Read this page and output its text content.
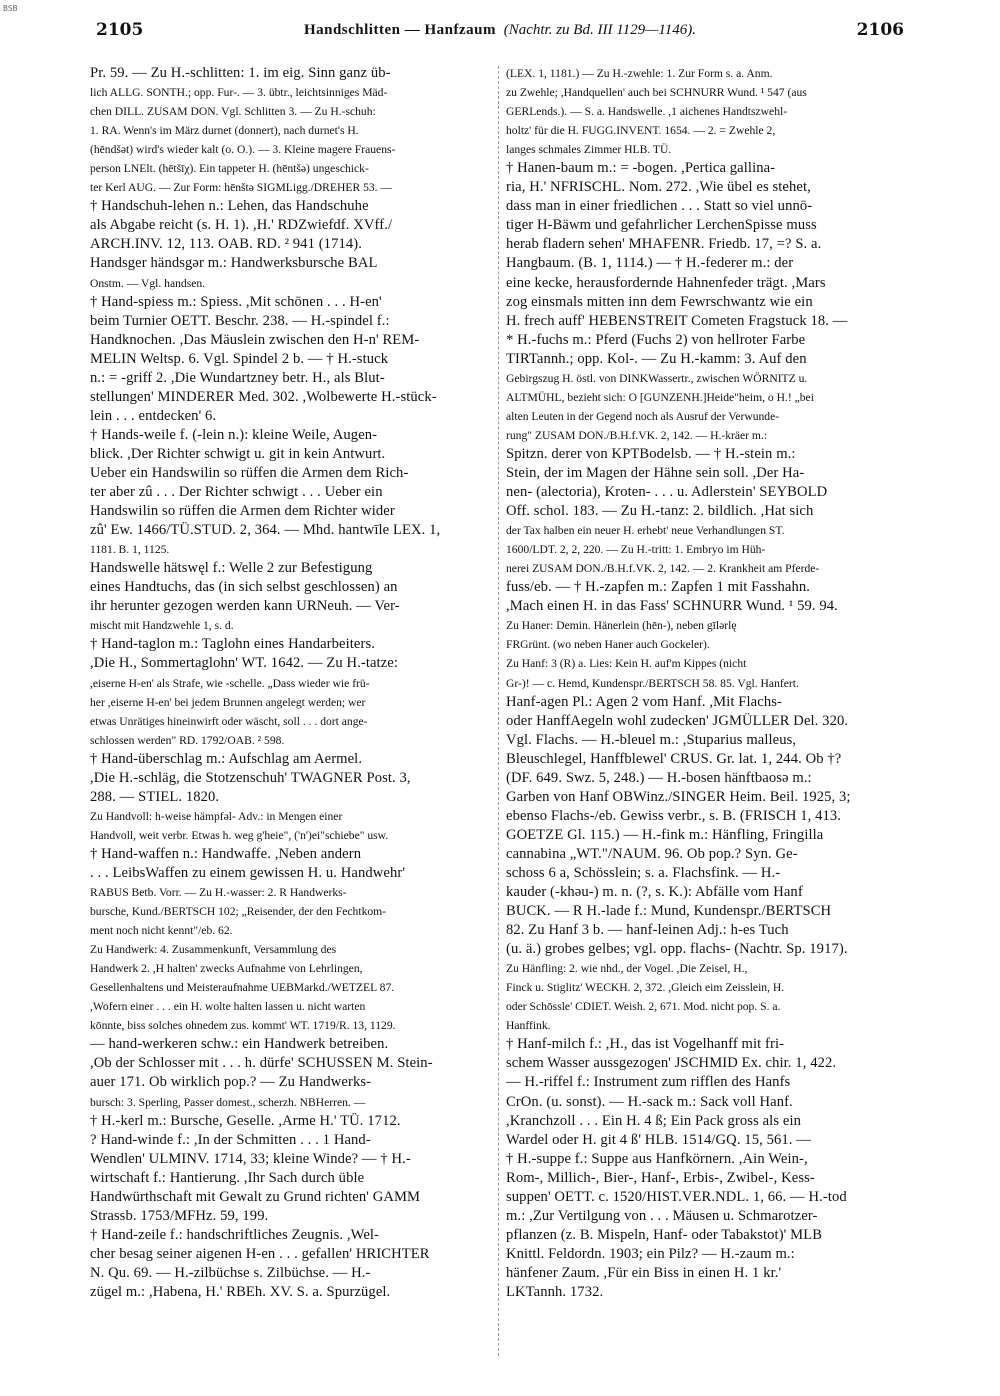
BSB
2105	Handschlitten — Hanfzaum (Nachtr. zu Bd. III 1129—1146).	2106
Pr. 59. — Zu H.-schlitten: 1. im eig. Sinn ganz üb-
lich ALLG. SONTH.; opp. Fur-. — 3. übtr., leichtsinniges Mäd-
chen DILL. ZUSAM DON. Vgl. Schlitten 3. — Zu H.-schuh:
1. RA. Wenn's im März durnet (donnert), nach durnet's H.
(hēndšət) wird's wieder kalt (o. O.). — 3. Kleine magere Frauens-
person LNElt. (hētšīχ). Ein tappeter H. (hēntšə) ungeschick-
ter Kerl AUG. — Zur Form: hēnštə SIGMLigg./DREHER 53. —
† Handschuh-lehen n.: Lehen, das Handschuhe
als Abgabe reicht (s. H. 1). ,H.' RDZwiefdf. XVff./
ARCH.INV. 12, 113. OAB. RD. ² 941 (1714).
Handsger händsgər m.: Handwerksbursche BAL
Onstm. — Vgl. handsen.
† Hand-spiess m.: Spiess. ,Mit schōnen . . . H-en'
beim Turnier OETT. Beschr. 238. — H.-spindel f.:
Handknochen. ,Das Mäuslein zwischen den H-n' REM-
MELIN Weltsp. 6. Vgl. Spindel 2 b. — † H.-stuck
n.: = -griff 2. ,Die Wundartzney betr. H., als Blut-
stellungen' MINDERER Med. 302. ,Wolbewerte H.-stück-
lein . . . entdecken' 6.
† Hands-weile f. (-lein n.): kleine Weile, Augen-
blick. ,Der Richter schwigt u. git in kein Antwurt.
Ueber ein Handswilin so rüffen die Armen dem Rich-
ter aber zû . . . Der Richter schwigt . . . Ueber ein
Handswilin so rüffen die Armen dem Richter wider
zû' Ew. 1466/TÜ.STUD. 2, 364. — Mhd. hantwīle LEX. 1,
1181. B. 1, 1125.
Handswelle hätswęl f.: Welle 2 zur Befestigung
eines Handtuchs, das (in sich selbst geschlossen) an
ihr herunter gezogen werden kann URNeuh. — Ver-
mischt mit Handzwehle 1, s. d.
† Hand-taglon m.: Taglohn eines Handarbeiters.
,Die H., Sommertaglohn' WT. 1642. — Zu H.-tatze:
,eiserne H-en' als Strafe, wie -schelle. „Dass wieder wie frü-
her ,eiserne H-en' bei jedem Brunnen angelegt werden; wer
etwas Unrätiges hineinwirft oder wäscht, soll . . . dort ange-
schlossen werden" RD. 1792/OAB. ² 598.
† Hand-überschlag m.: Aufschlag am Aermel.
,Die H.-schläg, die Stotzenschuh' TWAGNER Post. 3,
288. — STIEL. 1820.
Zu Handvoll: h-weise hämpfəl- Adv.: in Mengen einer
Handvoll, weit verbr. Etwas h. weg g'heie", ('n')ei"schiebe" usw.
† Hand-waffen n.: Handwaffe. ,Neben andern
. . . LeibsWaffen zu einem gewissen H. u. Handwehr'
RABUS Betb. Vorr. — Zu H.-wasser: 2. R Handwerks-
bursche, Kund./BERTSCH 102; „Reisender, der den Fechtkom-
ment noch nicht kennt"/eb. 62.
Zu Handwerk: 4. Zusammenkunft, Versammlung des
Handwerk 2. ,H halten' zwecks Aufnahme von Lehrlingen,
Gesellenhaltens und Meisteraufnahme UEBMarkd./WETZEL 87.
,Wofern einer . . . ein H. wolte halten lassen u. nicht warten
kōnnte, biss solches ohnedem zus. kommt' WT. 1719/R. 13, 1129.
— hand-werkeren schw.: ein Handwerk betreiben.
,Ob der Schlosser mit . . . h. dürfe' SCHUSSEN M. Stein-
auer 171. Ob wirklich pop.? — Zu Handwerks-
bursch: 3. Sperling, Passer domest., scherzh. NBHerren. —
† H.-kerl m.: Bursche, Geselle. ,Arme H.' TÜ. 1712.
? Hand-winde f.: ,In der Schmitten . . . 1 Hand-
Wendlen' ULMINV. 1714, 33; kleine Winde? — † H.-
wirtschaft f.: Hantierung. ,Ihr Sach durch üble
Handwürthschaft mit Gewalt zu Grund richten' GAMM
Strassb. 1753/MFHz. 59, 199.
† Hand-zeile f.: handschriftliches Zeugnis. ,Wel-
cher besag seiner aigenen H-en . . . gefallen' HRICHTER
N. Qu. 69. — H.-zilbüchse s. Zilbüchse. — H.-
zügel m.: ,Habena, H.' RBEh. XV. S. a. Spurzügel.
(LEX. 1, 1181.) — Zu H.-zwehle: 1. Zur Form s. a. Anm.
zu Zwehle; ,Handquellen' auch bei SCHNURR Wund. ¹ 547 (aus
GERLends.). — S. a. Handswelle. ,1 aichenes Handtszwehl-
holtz' für die H. FUGG.INVENT. 1654. — 2. = Zwehle 2,
langes schmales Zimmer HLB. TÜ.
† Hanen-baum m.: = -bogen. ,Pertica gallina-
ria, H.' NFRISCHL. Nom. 272. ,Wie übel es stehet,
dass man in einer friedlichen . . . Statt so viel unnō-
tiger H-Bäwm und gefahrlicher LerchenSpisse muss
herab fladern sehen' MHAFENR. Friedb. 17, =? S. a.
Hangbaum. (B. 1, 1114.) — † H.-federer m.: der
eine kecke, herausfordernde Hahnenfeder trägt. ,Mars
zog einsmals mitten inn dem Fewrschwantz wie ein
H. frech auff' HEBENSTREIT Cometen Fragstuck 18. —
* H.-fuchs m.: Pferd (Fuchs 2) von hellroter Farbe
TIRTannh.; opp. Kol-. — Zu H.-kamm: 3. Auf den
Gebirgszug H. östl. von DINKWassertr., zwischen WÖRNITZ u.
ALTMÜHL, bezieht sich: O [GUNZENH.]Heide"heim, o H.! „bei
alten Leuten in der Gegend noch als Ausruf der Verwunde-
rung" ZUSAM DON./B.H.f.VK. 2, 142. — H.-kräer m.:
Spitzn. derer von KPTBodelsb. — † H.-stein m.:
Stein, der im Magen der Hähne sein soll. ,Der Ha-
nen- (alectoria), Kroten- . . . u. Adlerstein' SEYBOLD
Off. schol. 183. — Zu H.-tanz: 2. bildlich. ,Hat sich
der Tax halben ein neuer H. erhebt' neue Verhandlungen ST.
1600/LDT. 2, 2, 220. — Zu H.-tritt: 1. Embryo im Hüh-
nerei ZUSAM DON./B.H.f.VK. 2, 142. — 2. Krankheit am Pferde-
fuss/eb. — † H.-zapfen m.: Zapfen 1 mit Fasshahn.
,Mach einen H. in das Fass' SCHNURR Wund. ¹ 59. 94.
Zu Haner: Demin. Hänerlein (hēn-), neben gīlərlę
FRGrünt. (wo neben Haner auch Gockeler).
Zu Hanf: 3 (R) a. Lies: Kein H. auf'm Kippes (nicht
Gr-)! — c. Hemd, Kundenspr./BERTSCH 58. 85. Vgl. Hanfert.
Hanf-agen Pl.: Agen 2 vom Hanf. ,Mit Flachs-
oder HanffAegeln wohl zudecken' JGMÜLLER Del. 320.
Vgl. Flachs. — H.-bleuel m.: ,Stuparius malleus,
Bleuschlegel, Hanffblewel' CRUS. Gr. lat. 1, 244. Ob †?
(DF. 649. Swz. 5, 248.) — H.-bosen hänftbaosə m.:
Garben von Hanf OBWinz./SINGER Heim. Beil. 1925, 3;
ebenso Flachs-/eb. Gewiss verbr., s. B. (FRISCH 1, 413.
GOETZE Gl. 115.) — H.-fink m.: Hänfling, Fringilla
cannabina „WT."/NAUM. 96. Ob pop.? Syn. Ge-
schoss 6 a, Schösslein; s. a. Flachsfink. — H.-
kauder (-khəu-) m. n. (?, s. K.): Abfälle vom Hanf
BUCK. — R H.-lade f.: Mund, Kundenspr./BERTSCH
82. Zu Hanf 3 b. — hanf-leinen Adj.: h-es Tuch
(u. ä.) grobes gelbes; vgl. opp. flachs- (Nachtr. Sp. 1917).
Zu Hänfling: 2. wie nhd., der Vogel. ,Die Zeisel, H.,
Finck u. Stiglitz' WECKH. 2, 372. ,Gleich eim Zeisslein, H.
oder Schōssle' CDIET. Weish. 2, 671. Mod. nicht pop. S. a.
Hanffink.
† Hanf-milch f.: ,H., das ist Vogelhanff mit fri-
schem Wasser aussgezogen' JSCHMID Ex. chir. 1, 422.
— H.-riffel f.: Instrument zum rifflen des Hanfs
CrOn. (u. sonst). — H.-sack m.: Sack voll Hanf.
,Kranchzoll . . . Ein H. 4 ß; Ein Pack gross als ein
Wardel oder H. git 4 ß' HLB. 1514/GQ. 15, 561. —
† H.-suppe f.: Suppe aus Hanfkörnern. ,Ain Wein-,
Rom-, Millich-, Bier-, Hanf-, Erbis-, Zwibel-, Kess-
suppen' OETT. c. 1520/HIST.VER.NDL. 1, 66. — H.-tod
m.: ,Zur Vertilgung von . . . Mäusen u. Schmarotzer-
pflanzen (z. B. Mispeln, Hanf- oder Tabakstot)' MLB
Knittl. Feldordn. 1903; ein Pilz? — H.-zaum m.:
hänfener Zaum. ,Für ein Biss in einen H. 1 kr.'
LKTannh. 1732.
